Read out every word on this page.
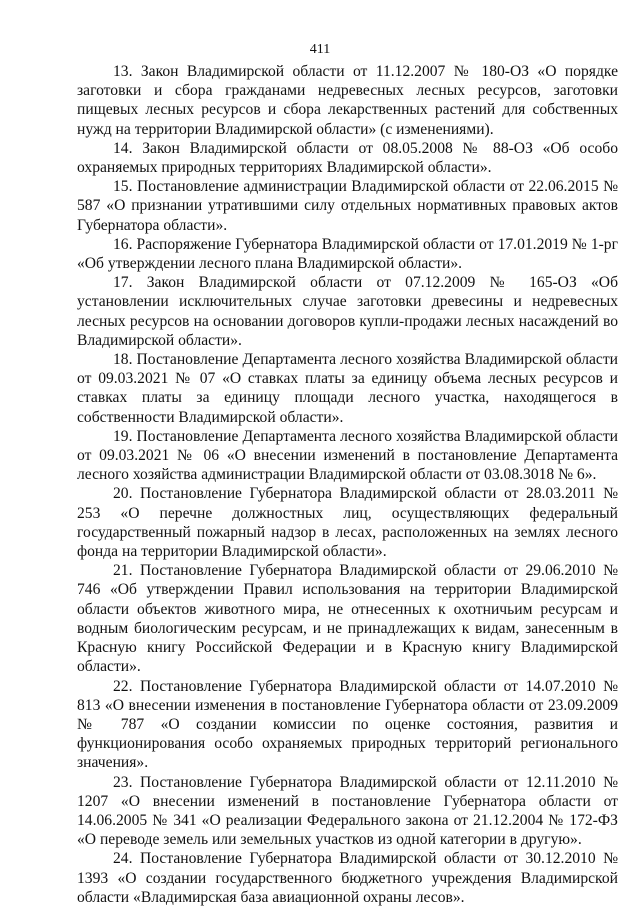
411

13. Закон Владимирской области от 11.12.2007 № 180-ОЗ «О порядке заготовки и сбора гражданами недревесных лесных ресурсов, заготовки пищевых лесных ресурсов и сбора лекарственных растений для собственных нужд на территории Владимирской области» (с изменениями).

14. Закон Владимирской области от 08.05.2008 № 88-ОЗ «Об особо охраняемых природных территориях Владимирской области».

15. Постановление администрации Владимирской области от 22.06.2015 № 587 «О признании утратившими силу отдельных нормативных правовых актов Губернатора области».

16. Распоряжение Губернатора Владимирской области от 17.01.2019 № 1-рг «Об утверждении лесного плана Владимирской области».

17. Закон Владимирской области от 07.12.2009 № 165-ОЗ «Об установлении исключительных случае заготовки древесины и недревесных лесных ресурсов на основании договоров купли-продажи лесных насаждений во Владимирской области».

18. Постановление Департамента лесного хозяйства Владимирской области от 09.03.2021 № 07 «О ставках платы за единицу объема лесных ресурсов и ставках платы за единицу площади лесного участка, находящегося в собственности Владимирской области».

19. Постановление Департамента лесного хозяйства Владимирской области от 09.03.2021 № 06 «О внесении изменений в постановление Департамента лесного хозяйства администрации Владимирской области от 03.08.3018 № 6».

20. Постановление Губернатора Владимирской области от 28.03.2011 № 253 «О перечне должностных лиц, осуществляющих федеральный государственный пожарный надзор в лесах, расположенных на землях лесного фонда на территории Владимирской области».

21. Постановление Губернатора Владимирской области от 29.06.2010 № 746 «Об утверждении Правил использования на территории Владимирской области объектов животного мира, не отнесенных к охотничьим ресурсам и водным биологическим ресурсам, и не принадлежащих к видам, занесенным в Красную книгу Российской Федерации и в Красную книгу Владимирской области».

22. Постановление Губернатора Владимирской области от 14.07.2010 № 813 «О внесении изменения в постановление Губернатора области от 23.09.2009 № 787 «О создании комиссии по оценке состояния, развития и функционирования особо охраняемых природных территорий регионального значения».

23. Постановление Губернатора Владимирской области от 12.11.2010 № 1207 «О внесении изменений в постановление Губернатора области от 14.06.2005 № 341 «О реализации Федерального закона от 21.12.2004 № 172-ФЗ «О переводе земель или земельных участков из одной категории в другую».

24. Постановление Губернатора Владимирской области от 30.12.2010 № 1393 «О создании государственного бюджетного учреждения Владимирской области «Владимирская база авиационной охраны лесов».
